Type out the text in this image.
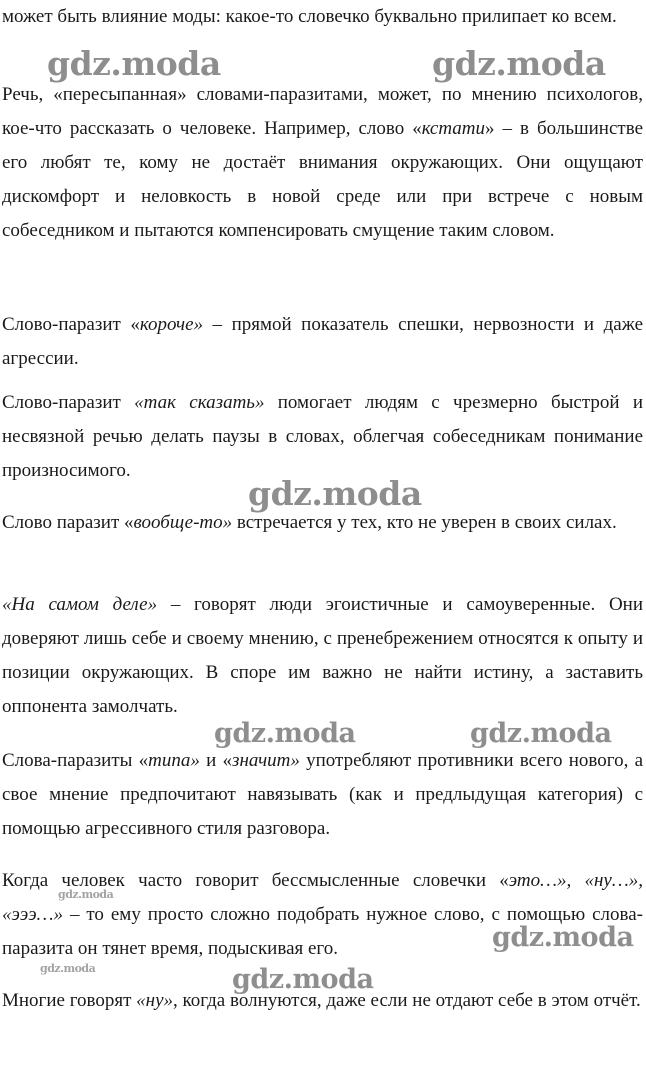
может быть влияние моды: какое-то словечко буквально прилипает ко всем.

Речь, «пересыпанная» словами-паразитами, может, по мнению психологов, кое-что рассказать о человеке. Например, слово «кстати» – в большинстве его любят те, кому не достаёт внимания окружающих. Они ощущают дискомфорт и неловкость в новой среде или при встрече с новым собеседником и пытаются компенсировать смущение таким словом.

Слово-паразит «короче» – прямой показатель спешки, нервозности и даже агрессии.

Слово-паразит «так сказать» помогает людям с чрезмерно быстрой и несвязной речью делать паузы в словах, облегчая собеседникам понимание произносимого.

Слово паразит «вообще-то» встречается у тех, кто не уверен в своих силах.

«На самом деле» – говорят люди эгоистичные и самоуверенные. Они доверяют лишь себе и своему мнению, с пренебрежением относятся к опыту и позиции окружающих. В споре им важно не найти истину, а заставить оппонента замолчать.

Слова-паразиты «типа» и «значит» употребляют противники всего нового, а свое мнение предпочитают навязывать (как и предлыдущая категория) с помощью агрессивного стиля разговора.

Когда человек часто говорит бессмысленные словечки «это…», «ну…», «эээ…» – то ему просто сложно подобрать нужное слово, с помощью слова-паразита он тянет время, подыскивая его.

Многие говорят «ну», когда волнуются, даже если не отдают себе в этом отчёт.

gdz.moda	gdz.moda
gdz.moda
gdz.moda	gdz.moda
gdz.moda
gdz.moda
gdz.moda	gdz.moda
